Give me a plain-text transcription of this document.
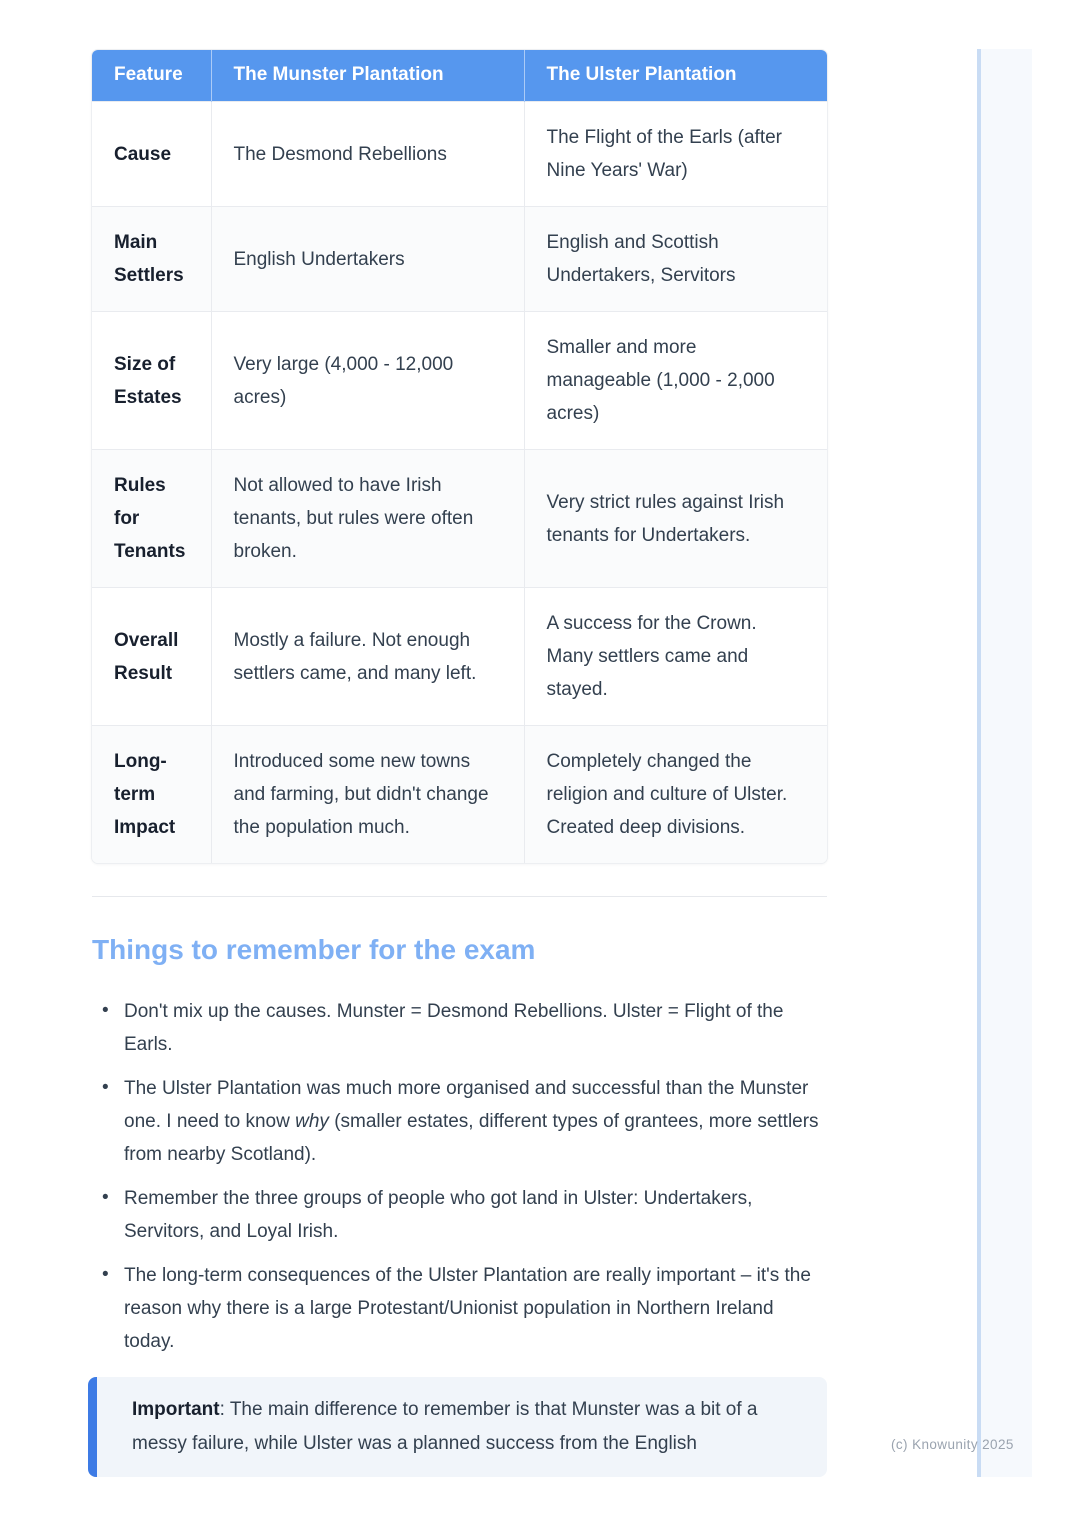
Feature	The Munster Plantation	The Ulster Plantation
Cause	The Desmond Rebellions	The Flight of the Earls (after Nine Years' War)
Main Settlers	English Undertakers	English and Scottish Undertakers, Servitors
Size of Estates	Very large (4,000 - 12,000 acres)	Smaller and more manageable (1,000 - 2,000 acres)
Rules for Tenants	Not allowed to have Irish tenants, but rules were often broken.	Very strict rules against Irish tenants for Undertakers.
Overall Result	Mostly a failure. Not enough settlers came, and many left.	A success for the Crown. Many settlers came and stayed.
Long-term Impact	Introduced some new towns and farming, but didn't change the population much.	Completely changed the religion and culture of Ulster. Created deep divisions.
Things to remember for the exam
• Don't mix up the causes. Munster = Desmond Rebellions. Ulster = Flight of the Earls.
• The Ulster Plantation was much more organised and successful than the Munster one. I need to know why (smaller estates, different types of grantees, more settlers from nearby Scotland).
• Remember the three groups of people who got land in Ulster: Undertakers, Servitors, and Loyal Irish.
• The long-term consequences of the Ulster Plantation are really important – it's the reason why there is a large Protestant/Unionist population in Northern Ireland today.
Important: The main difference to remember is that Munster was a bit of a messy failure, while Ulster was a planned success from the English	(c) Knowunity 2025
